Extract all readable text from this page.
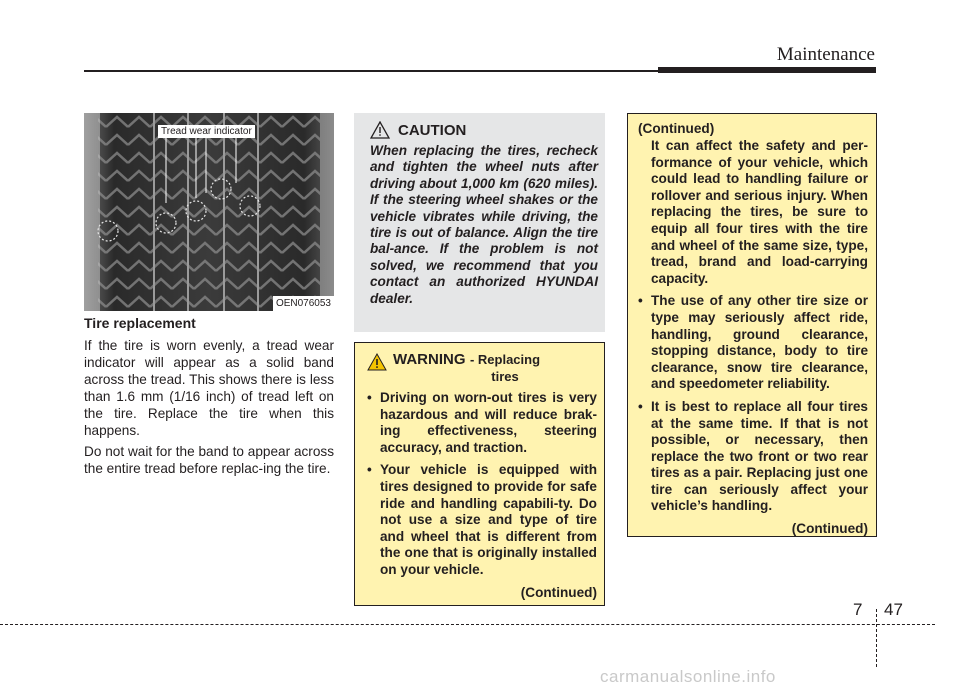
Maintenance
Tread wear indicator
OEN076053
Tire replacement

If the tire is worn evenly, a tread wear indicator will appear as a solid band across the tread. This shows there is less than 1.6 mm (1/16 inch) of tread left on the tire. Replace the tire when this happens.

Do not wait for the band to appear across the entire tread before replac-ing the tire.

CAUTION
When replacing the tires, recheck and tighten the wheel nuts after driving about 1,000 km (620 miles). If the steering wheel shakes or the vehicle vibrates while driving, the tire is out of balance. Align the tire bal-ance. If the problem is not solved, we recommend that you contact an authorized HYUNDAI dealer.
WARNING - Replacing
tires
• Driving on worn-out tires is very hazardous and will reduce brak-ing effectiveness, steering accuracy, and traction.
• Your vehicle is equipped with tires designed to provide for safe ride and handling capabili-ty. Do not use a size and type of tire and wheel that is different from the one that is originally installed on your vehicle.
(Continued)
(Continued)
It can affect the safety and per-formance of your vehicle, which could lead to handling failure or rollover and serious injury. When replacing the tires, be sure to equip all four tires with the tire and wheel of the same size, type, tread, brand and load-carrying capacity.
• The use of any other tire size or type may seriously affect ride, handling, ground clearance, stopping distance, body to tire clearance, snow tire clearance, and speedometer reliability.
• It is best to replace all four tires at the same time. If that is not possible, or necessary, then replace the two front or two rear tires as a pair. Replacing just one tire can seriously affect your vehicle’s handling.
(Continued)
7 47
carmanualsonline.info
